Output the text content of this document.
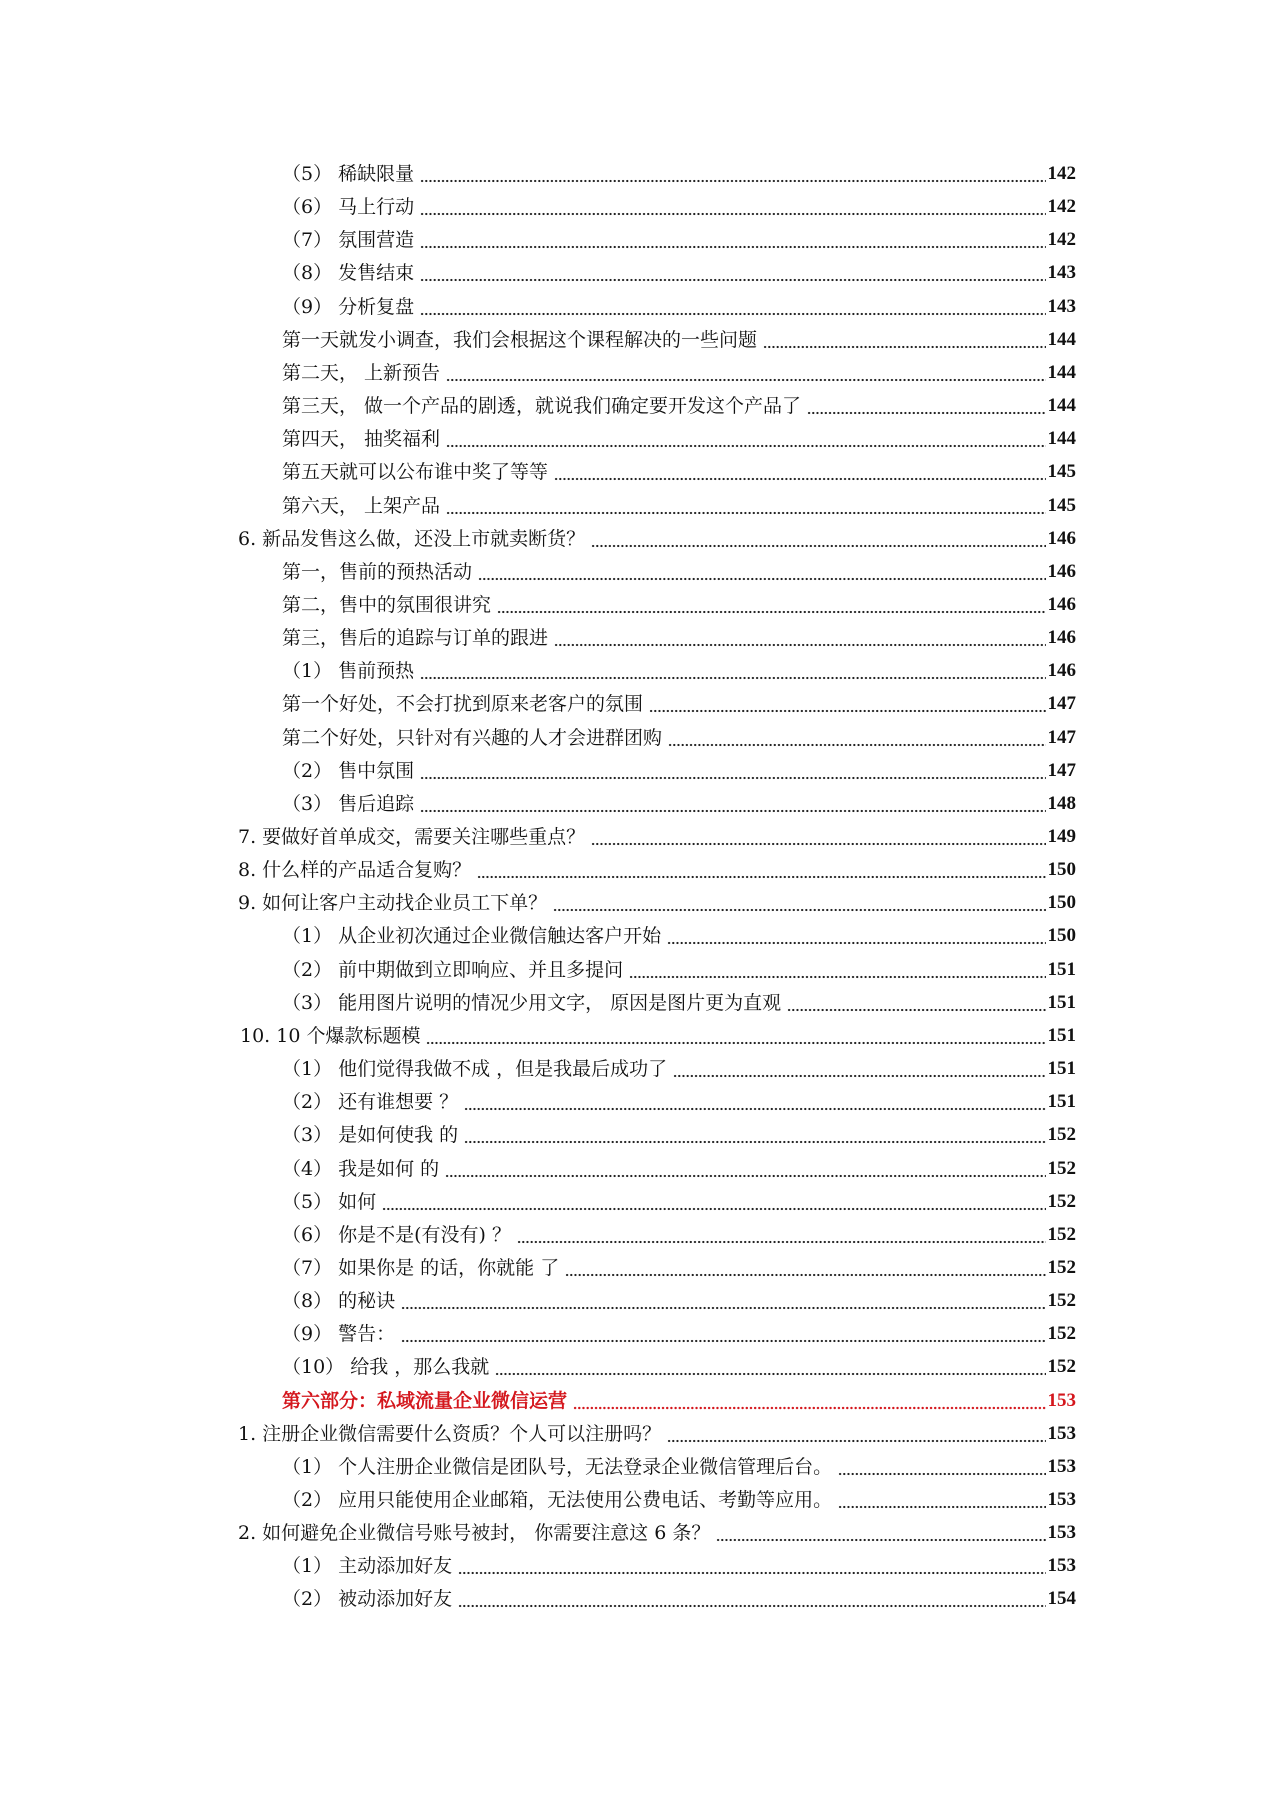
（5） 稀缺限量	142
（6） 马上行动	142
（7） 氛围营造	142
（8） 发售结束	143
（9） 分析复盘	143
第一天就发小调查，我们会根据这个课程解决的一些问题	144
第二天， 上新预告	144
第三天， 做一个产品的剧透，就说我们确定要开发这个产品了	144
第四天， 抽奖福利	144
第五天就可以公布谁中奖了等等	145
第六天， 上架产品	145
6. 新品发售这么做，还没上市就卖断货？	146
第一，售前的预热活动	146
第二，售中的氛围很讲究	146
第三，售后的追踪与订单的跟进	146
（1） 售前预热	146
第一个好处，不会打扰到原来老客户的氛围	147
第二个好处，只针对有兴趣的人才会进群团购	147
（2） 售中氛围	147
（3） 售后追踪	148
7. 要做好首单成交，需要关注哪些重点？	149
8. 什么样的产品适合复购？	150
9. 如何让客户主动找企业员工下单？	150
（1） 从企业初次通过企业微信触达客户开始	150
（2） 前中期做到立即响应、并且多提问	151
（3） 能用图片说明的情况少用文字， 原因是图片更为直观	151
10. 10 个爆款标题模	151
（1） 他们觉得我做不成 ，但是我最后成功了	151
（2） 还有谁想要 ？	151
（3） 是如何使我 的	152
（4） 我是如何 的	152
（5） 如何	152
（6） 你是不是(有没有) ？	152
（7） 如果你是 的话，你就能 了	152
（8） 的秘诀	152
（9） 警告：	152
（10） 给我 ，那么我就	152
第六部分：私域流量企业微信运营	153
1. 注册企业微信需要什么资质？个人可以注册吗？	153
（1） 个人注册企业微信是团队号，无法登录企业微信管理后台。	153
（2） 应用只能使用企业邮箱，无法使用公费电话、考勤等应用。	153
2. 如何避免企业微信号账号被封， 你需要注意这 6 条？	153
（1） 主动添加好友	153
（2） 被动添加好友	154
